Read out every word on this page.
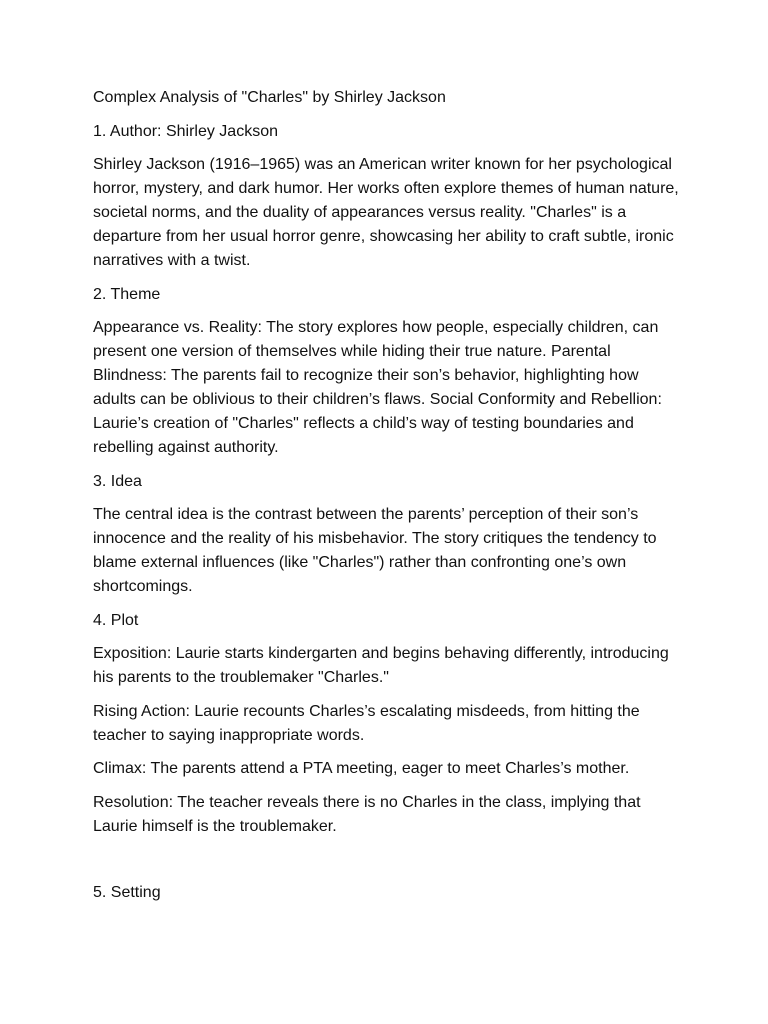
Complex Analysis of "Charles" by Shirley Jackson

1. Author: Shirley Jackson

Shirley Jackson (1916–1965) was an American writer known for her psychological horror, mystery, and dark humor. Her works often explore themes of human nature, societal norms, and the duality of appearances versus reality. "Charles" is a departure from her usual horror genre, showcasing her ability to craft subtle, ironic narratives with a twist.

2. Theme

Appearance vs. Reality: The story explores how people, especially children, can present one version of themselves while hiding their true nature. Parental Blindness: The parents fail to recognize their son’s behavior, highlighting how adults can be oblivious to their children’s flaws. Social Conformity and Rebellion: Laurie’s creation of "Charles" reflects a child’s way of testing boundaries and rebelling against authority.

3. Idea

The central idea is the contrast between the parents’ perception of their son’s innocence and the reality of his misbehavior. The story critiques the tendency to blame external influences (like "Charles") rather than confronting one’s own shortcomings.

4. Plot

Exposition: Laurie starts kindergarten and begins behaving differently, introducing his parents to the troublemaker "Charles."

Rising Action: Laurie recounts Charles’s escalating misdeeds, from hitting the teacher to saying inappropriate words.

Climax: The parents attend a PTA meeting, eager to meet Charles’s mother.

Resolution: The teacher reveals there is no Charles in the class, implying that Laurie himself is the troublemaker.

5. Setting
